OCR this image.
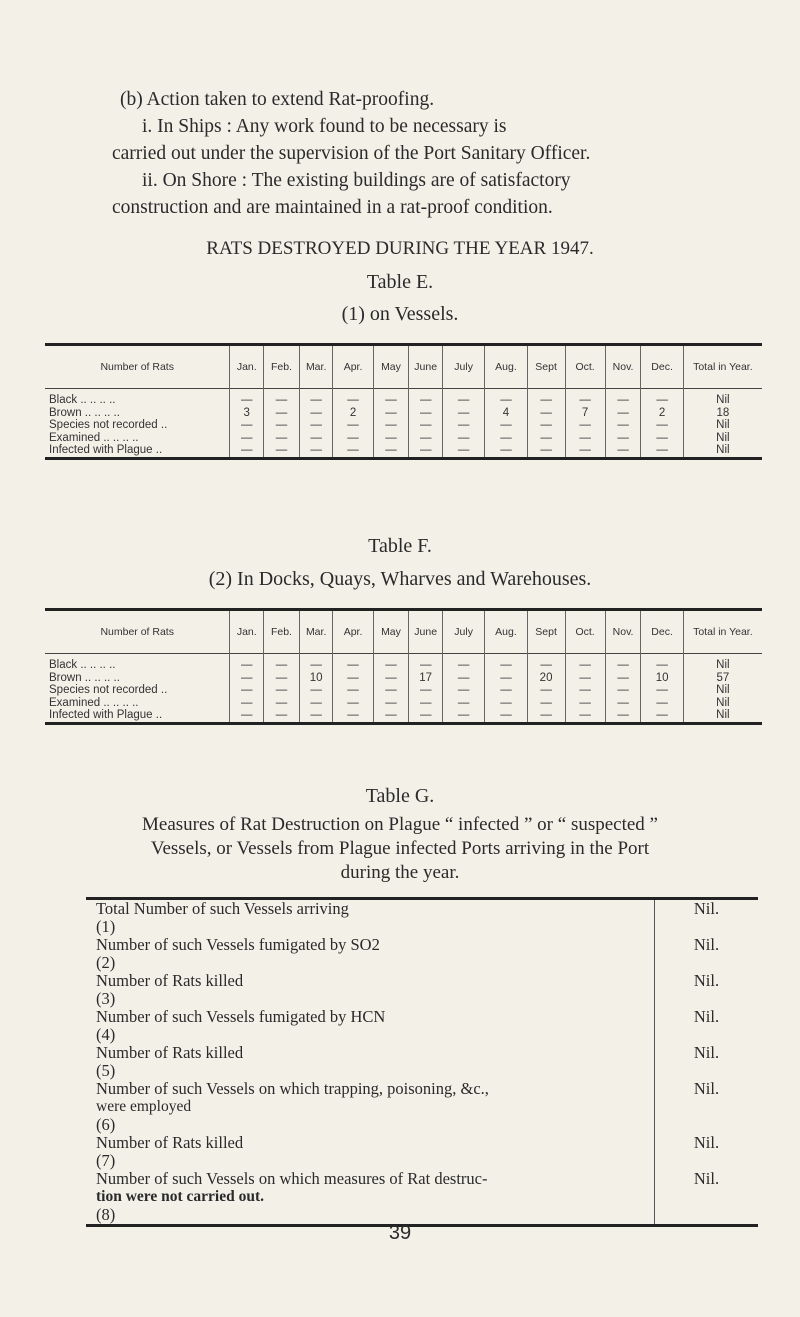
(b) Action taken to extend Rat-proofing.
i. In Ships : Any work found to be necessary is
carried out under the supervision of the Port Sanitary Officer.
ii. On Shore : The existing buildings are of satisfactory
construction and are maintained in a rat-proof condition.
RATS DESTROYED DURING THE YEAR 1947.
Table E.
(1) on Vessels.
Number of Rats	Jan.	Feb.	Mar.	Apr.	May	June	July	Aug.	Sept	Oct.	Nov.	Dec.	Total in Year.
Black .. .. .. ..	—	—	—	—	—	—	—	—	—	—	—	—	Nil
Brown .. .. .. ..	3	—	—	2	—	—	—	4	—	7	—	2	18
Species not recorded ..	—	—	—	—	—	—	—	—	—	—	—	—	Nil
Examined .. .. .. ..	—	—	—	—	—	—	—	—	—	—	—	—	Nil
Infected with Plague ..	—	—	—	—	—	—	—	—	—	—	—	—	Nil
Table F.
(2) In Docks, Quays, Wharves and Warehouses.
Number of Rats	Jan.	Feb.	Mar.	Apr.	May	June	July	Aug.	Sept	Oct.	Nov.	Dec.	Total in Year.
Black .. .. .. ..	—	—	—	—	—	—	—	—	—	—	—	—	Nil
Brown .. .. .. ..	—	—	10	—	—	17	—	—	20	—	—	10	57
Species not recorded ..	—	—	—	—	—	—	—	—	—	—	—	—	Nil
Examined .. .. .. ..	—	—	—	—	—	—	—	—	—	—	—	—	Nil
Infected with Plague ..	—	—	—	—	—	—	—	—	—	—	—	—	Nil
Table G.
Measures of Rat Destruction on Plague “ infected ” or “ suspected ”
Vessels, or Vessels from Plague infected Ports arriving in the Port
during the year.
Total Number of such Vessels arriving
(1)	Nil.

Number of such Vessels fumigated by SO2
(2)	Nil.

Number of Rats killed
(3)	Nil.

Number of such Vessels fumigated by HCN
(4)	Nil.

Number of Rats killed
(5)	Nil.

Number of such Vessels on which trapping, poisoning, &c.,
were employed
(6)	Nil.

Number of Rats killed
(7)	Nil.

Number of such Vessels on which measures of Rat destruc-
tion were not carried out.
(8)	Nil.
39
